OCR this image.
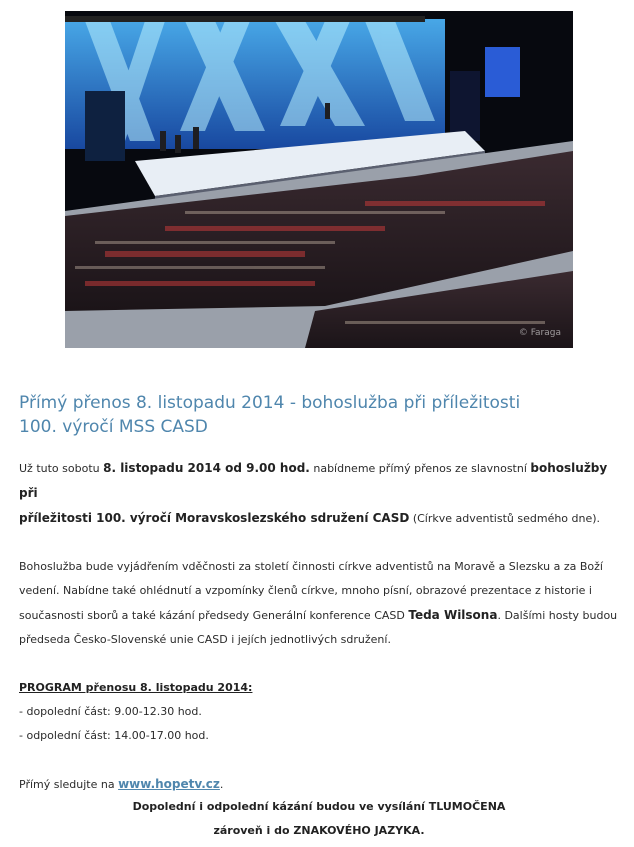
© Faraga
Přímý přenos 8. listopadu 2014 - bohoslužba při příležitosti
100. výročí MSS CASD

Už tuto sobotu 8. listopadu 2014 od 9.00 hod. nabídneme přímý přenos ze slavnostní bohoslužby při
příležitosti 100. výročí Moravskoslezského sdružení CASD (Církve adventistů sedmého dne).

Bohoslužba bude vyjádřením vděčnosti za století činnosti církve adventistů na Moravě a Slezsku a za Boží
vedení. Nabídne také ohlédnutí a vzpomínky členů církve, mnoho písní, obrazové prezentace z historie i
současnosti sborů a také kázání předsedy Generální konference CASD Teda Wilsona. Dalšími hosty budou
předseda Česko-Slovenské unie CASD i jejích jednotlivých sdružení.

PROGRAM přenosu 8. listopadu 2014:
- dopolední část: 9.00-12.30 hod.
- odpolední část: 14.00-17.00 hod.

Přímý sledujte na www.hopetv.cz.

Dopolední i odpolední kázání budou ve vysílání TLUMOČENA
zároveň i do ZNAKOVÉHO JAZYKA.
